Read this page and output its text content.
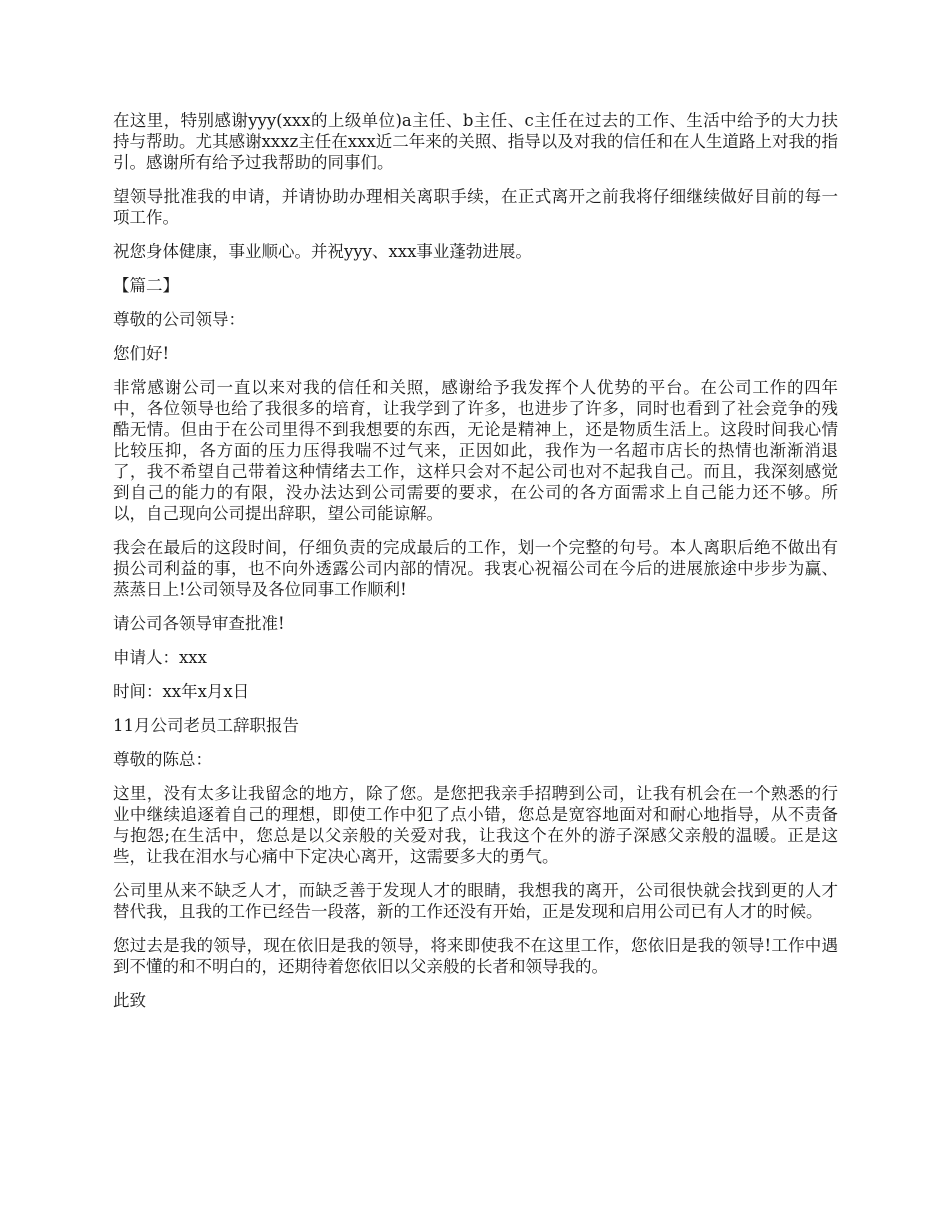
在这里，特别感谢yyy(xxx的上级单位)a主任、b主任、c主任在过去的工作、生活中给予的大力扶持与帮助。尤其感谢xxxz主任在xxx近二年来的关照、指导以及对我的信任和在人生道路上对我的指引。感谢所有给予过我帮助的同事们。

望领导批准我的申请，并请协助办理相关离职手续，在正式离开之前我将仔细继续做好目前的每一项工作。

祝您身体健康，事业顺心。并祝yyy、xxx事业蓬勃进展。

【篇二】

尊敬的公司领导：

您们好!

非常感谢公司一直以来对我的信任和关照，感谢给予我发挥个人优势的平台。在公司工作的四年中，各位领导也给了我很多的培育，让我学到了许多，也进步了许多，同时也看到了社会竞争的残酷无情。但由于在公司里得不到我想要的东西，无论是精神上，还是物质生活上。这段时间我心情比较压抑，各方面的压力压得我喘不过气来，正因如此，我作为一名超市店长的热情也渐渐消退了，我不希望自己带着这种情绪去工作，这样只会对不起公司也对不起我自己。而且，我深刻感觉到自己的能力的有限，没办法达到公司需要的要求，在公司的各方面需求上自己能力还不够。所以，自己现向公司提出辞职，望公司能谅解。

我会在最后的这段时间，仔细负责的完成最后的工作，划一个完整的句号。本人离职后绝不做出有损公司利益的事，也不向外透露公司内部的情况。我衷心祝福公司在今后的进展旅途中步步为赢、蒸蒸日上!公司领导及各位同事工作顺利!

请公司各领导审查批准!

申请人：xxx

时间：xx年x月x日

11月公司老员工辞职报告

尊敬的陈总：

这里，没有太多让我留念的地方，除了您。是您把我亲手招聘到公司，让我有机会在一个熟悉的行业中继续追逐着自己的理想，即使工作中犯了点小错，您总是宽容地面对和耐心地指导，从不责备与抱怨;在生活中，您总是以父亲般的关爱对我，让我这个在外的游子深感父亲般的温暖。正是这些，让我在泪水与心痛中下定决心离开，这需要多大的勇气。

公司里从来不缺乏人才，而缺乏善于发现人才的眼睛，我想我的离开，公司很快就会找到更的人才替代我，且我的工作已经告一段落，新的工作还没有开始，正是发现和启用公司已有人才的时候。

您过去是我的领导，现在依旧是我的领导，将来即使我不在这里工作，您依旧是我的领导!工作中遇到不懂的和不明白的，还期待着您依旧以父亲般的长者和领导我的。

此致
